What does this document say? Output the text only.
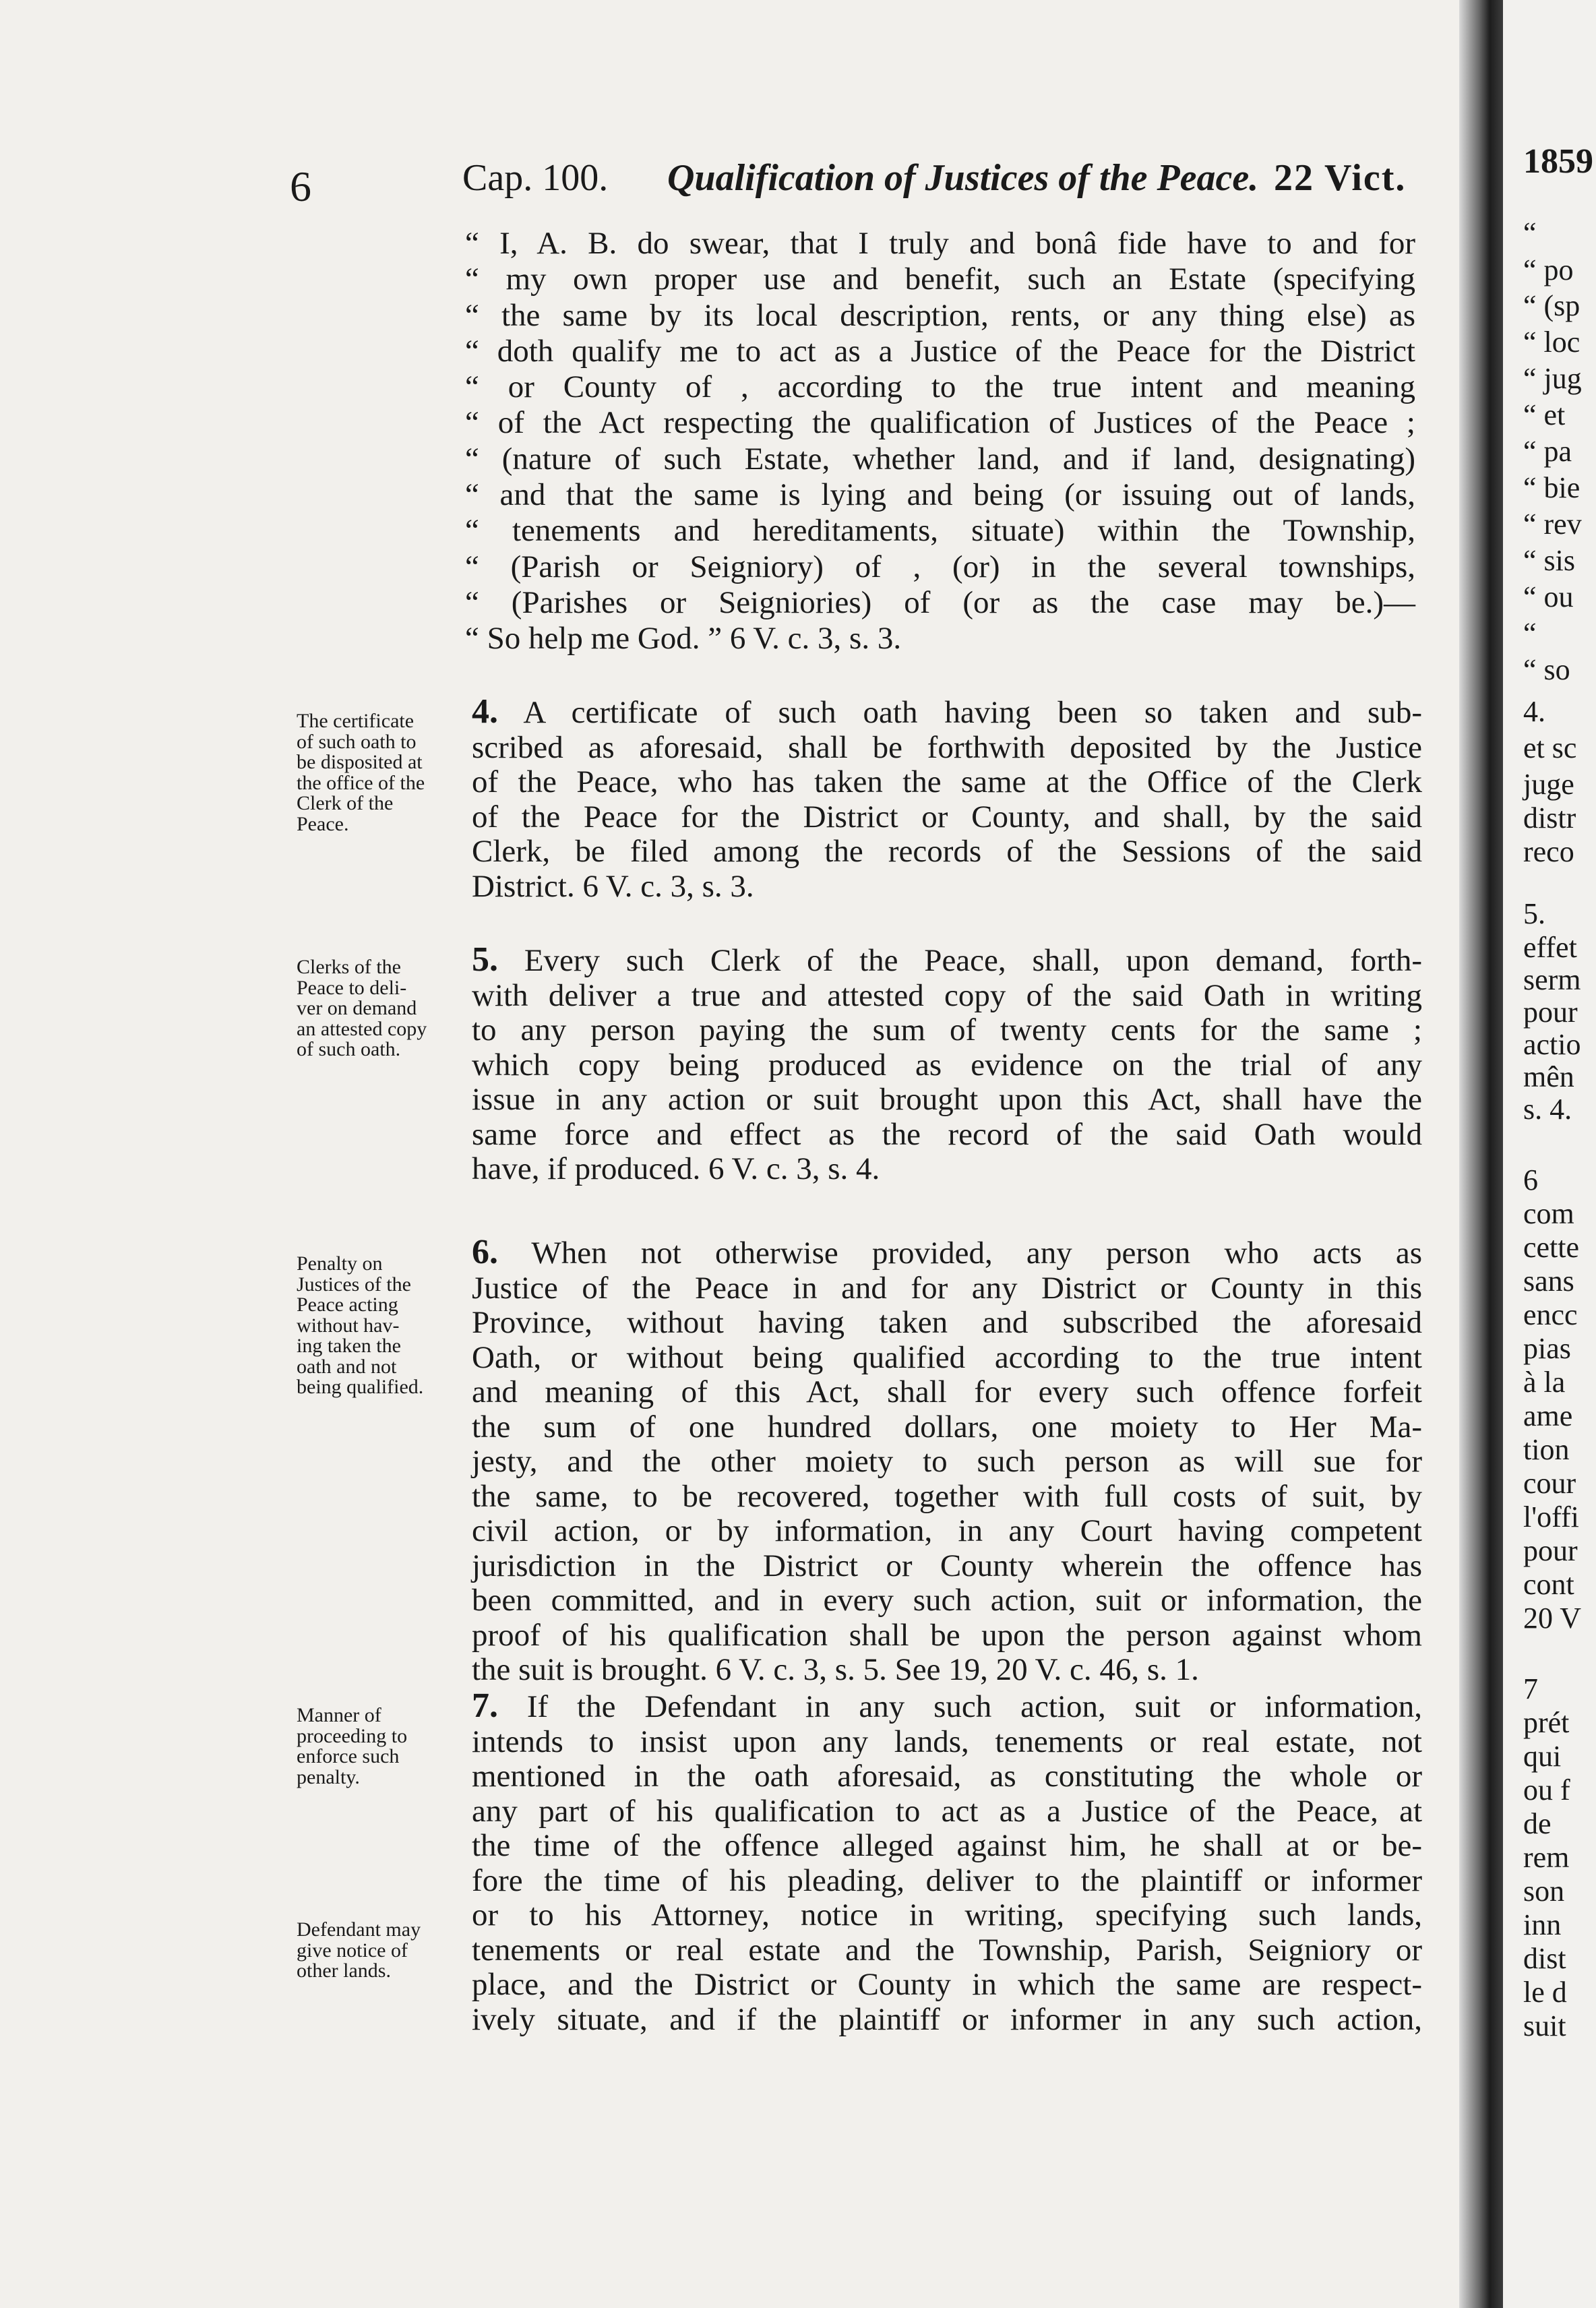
6	Cap. 100. Qualification of Justices of the Peace. 22 Vict.
“ I, A. B. do swear, that I truly and bonâ fide have to and for
“ my own proper use and benefit, such an Estate (specifying
“ the same by its local description, rents, or any thing else) as
“ doth qualify me to act as a Justice of the Peace for the District
“ or County of , according to the true intent and meaning
“ of the Act respecting the qualification of Justices of the Peace ;
“ (nature of such Estate, whether land, and if land, designating)
“ and that the same is lying and being (or issuing out of lands,
“ tenements and hereditaments, situate) within the Township,
“ (Parish or Seigniory) of , (or) in the several townships,
“ (Parishes or Seigniories) of (or as the case may be.)—
“ So help me God. ” 6 V. c. 3, s. 3.
The certificate
of such oath to
be disposited at
the office of the
Clerk of the
Peace.
4. A certificate of such oath having been so taken and sub-
scribed as aforesaid, shall be forthwith deposited by the Justice
of the Peace, who has taken the same at the Office of the Clerk
of the Peace for the District or County, and shall, by the said
Clerk, be filed among the records of the Sessions of the said
District. 6 V. c. 3, s. 3.
Clerks of the
Peace to deli-
ver on demand
an attested copy
of such oath.
5. Every such Clerk of the Peace, shall, upon demand, forth-
with deliver a true and attested copy of the said Oath in writing
to any person paying the sum of twenty cents for the same ;
which copy being produced as evidence on the trial of any
issue in any action or suit brought upon this Act, shall have the
same force and effect as the record of the said Oath would
have, if produced. 6 V. c. 3, s. 4.
Penalty on
Justices of the
Peace acting
without hav-
ing taken the
oath and not
being qualified.
6. When not otherwise provided, any person who acts as
Justice of the Peace in and for any District or County in this
Province, without having taken and subscribed the aforesaid
Oath, or without being qualified according to the true intent
and meaning of this Act, shall for every such offence forfeit
the sum of one hundred dollars, one moiety to Her Ma-
jesty, and the other moiety to such person as will sue for
the same, to be recovered, together with full costs of suit, by
civil action, or by information, in any Court having competent
jurisdiction in the District or County wherein the offence has
been committed, and in every such action, suit or information, the
proof of his qualification shall be upon the person against whom
the suit is brought. 6 V. c. 3, s. 5. See 19, 20 V. c. 46, s. 1.
Manner of
proceeding to
enforce such
penalty.
Defendant may
give notice of
other lands.
7. If the Defendant in any such action, suit or information,
intends to insist upon any lands, tenements or real estate, not
mentioned in the oath aforesaid, as constituting the whole or
any part of his qualification to act as a Justice of the Peace, at
the time of the offence alleged against him, he shall at or be-
fore the time of his pleading, deliver to the plaintiff or informer
or to his Attorney, notice in writing, specifying such lands,
tenements or real estate and the Township, Parish, Seigniory or
place, and the District or County in which the same are respect-
ively situate, and if the plaintiff or informer in any such action,
1859
“
“ po
“ (sp
“ loc
“ jug
“ et
“ pa
“ bie
“ rev
“ sis
“ ou
“
“ so
4.
et sc
juge
distr
reco
5.
effet
serm
pour
actio
mên
s. 4.
6
com
cette
sans
encc
pias
à la
ame
tion
cour
l'offi
pour
cont
20 V
7
prét
qui
ou f
de
rem
son
inn
dist
le d
suit
